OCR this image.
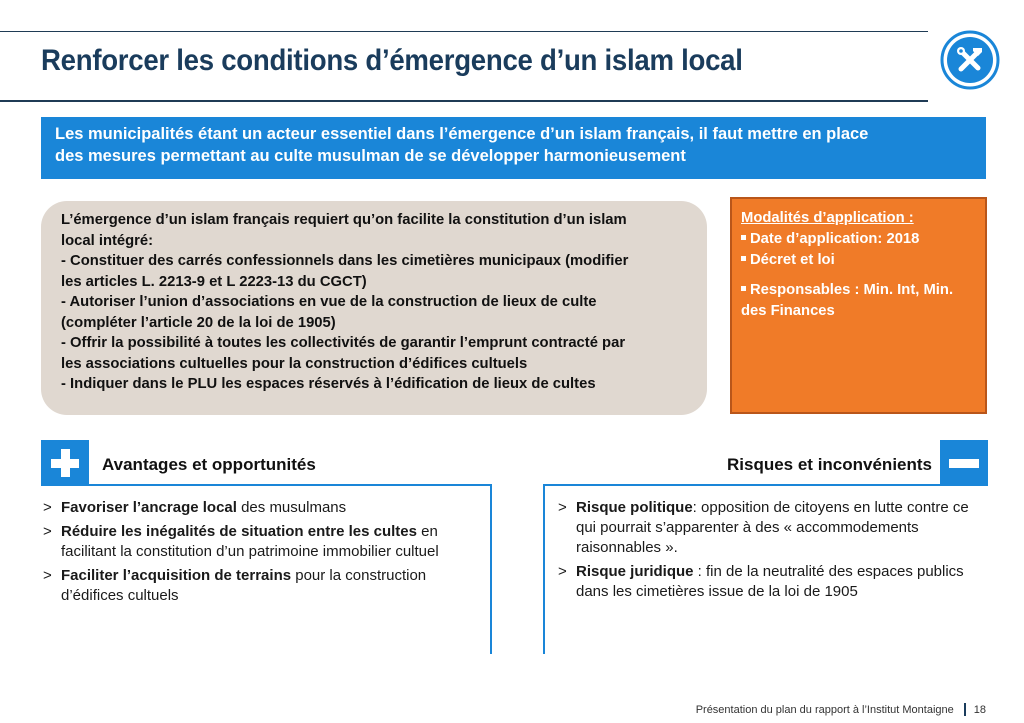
Renforcer les conditions d’émergence d’un islam local
Les municipalités étant un acteur essentiel dans l’émergence d’un islam français, il faut mettre en place
des mesures permettant au culte musulman de se développer harmonieusement
L’émergence d’un islam français requiert qu’on facilite la constitution d’un islam
local intégré:
- Constituer des carrés confessionnels dans les cimetières municipaux (modifier
les articles L. 2213-9 et L 2223-13 du CGCT)
- Autoriser l’union d’associations en vue de la construction de lieux de culte
(compléter l’article 20 de la loi de 1905)
- Offrir la possibilité à toutes les collectivités de garantir l’emprunt contracté par
les associations cultuelles pour la construction d’édifices cultuels
- Indiquer dans le PLU les espaces réservés à l’édification de lieux de cultes
Modalités d’application :
Date d’application: 2018
Décret et loi
Responsables : Min. Int, Min.
des Finances
Avantages et opportunités
> Favoriser l’ancrage local des musulmans
> Réduire les inégalités de situation entre les cultes en facilitant la constitution d’un patrimoine immobilier cultuel
> Faciliter l’acquisition de terrains pour la construction d’édifices cultuels
Risques et inconvénients
> Risque politique: opposition de citoyens en lutte contre ce qui pourrait s’apparenter à des « accommodements raisonnables ».
> Risque juridique : fin de la neutralité des espaces publics dans les cimetières issue de la loi de 1905
Présentation du plan du rapport à l’Institut Montaigne 18
